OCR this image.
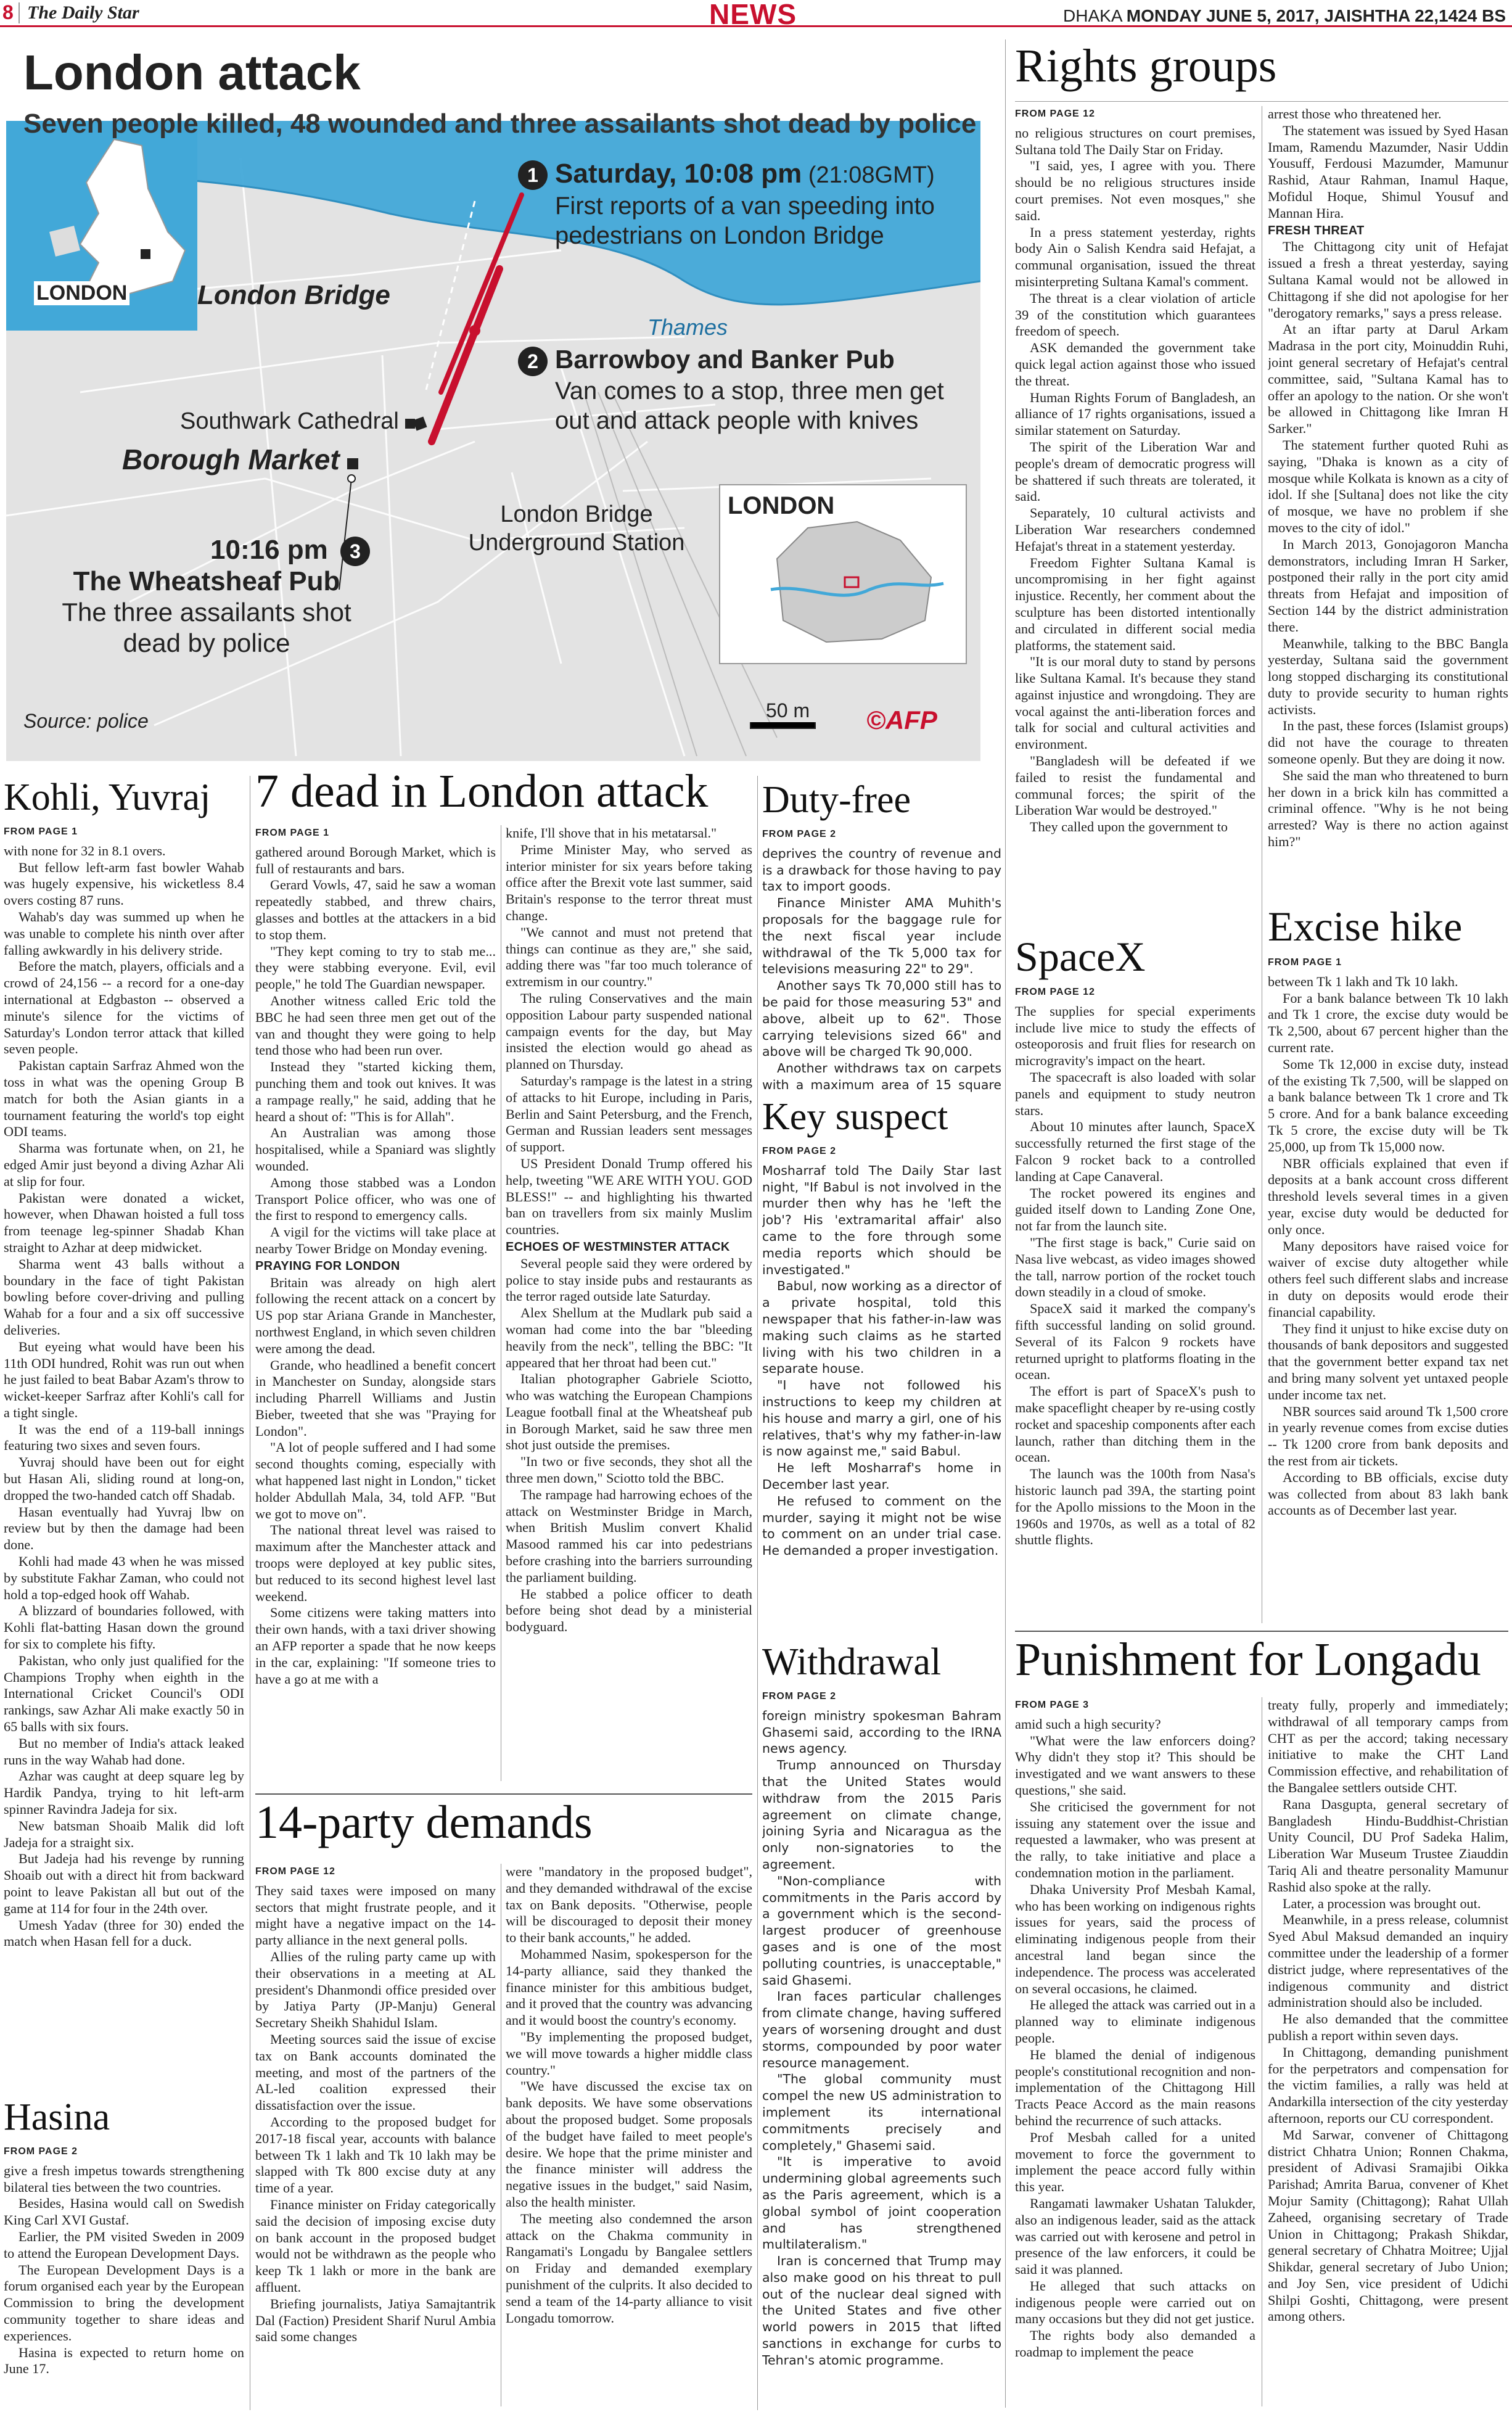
8 The Daily Star	NEWS	DHAKA MONDAY JUNE 5, 2017, JAISHTHA 22,1424 BS
London attack
Seven people killed, 48 wounded and three assailants shot dead by police
LONDON
1 Saturday, 10:08 pm (21:08GMT)
First reports of a van speeding into pedestrians on London Bridge
London Bridge
Thames
2 Barrowboy and Banker Pub
Van comes to a stop, three men get out and attack people with knives
Southwark Cathedral
Borough Market
London Bridge Underground Station
10:16 pm 3
The Wheatsheaf Pub
The three assailants shot dead by police
LONDON
Source: police	50 m ©AFP
Rights groups
FROM PAGE 12

no religious structures on court premises, Sultana told The Daily Star on Friday.

"I said, yes, I agree with you. There should be no religious structures inside court premises. Not even mosques," she said.

In a press statement yesterday, rights body Ain o Salish Kendra said Hefajat, a communal organisation, issued the threat misinterpreting Sultana Kamal's comment.

The threat is a clear violation of article 39 of the constitution which guarantees freedom of speech.

ASK demanded the government take quick legal action against those who issued the threat.

Human Rights Forum of Bangladesh, an alliance of 17 rights organisations, issued a similar statement on Saturday.

The spirit of the Liberation War and people's dream of democratic progress will be shattered if such threats are tolerated, it said.

Separately, 10 cultural activists and Liberation War researchers condemned Hefajat's threat in a statement yesterday.

Freedom Fighter Sultana Kamal is uncompromising in her fight against injustice. Recently, her comment about the sculpture has been distorted intentionally and circulated in different social media platforms, the statement said.

"It is our moral duty to stand by persons like Sultana Kamal. It's because they stand against injustice and wrongdoing. They are vocal against the anti-liberation forces and talk for social and cultural activities and environment.

"Bangladesh will be defeated if we failed to resist the fundamental and communal forces; the spirit of the Liberation War would be destroyed."

They called upon the government to

arrest those who threatened her.

The statement was issued by Syed Hasan Imam, Ramendu Mazumder, Nasir Uddin Yousuff, Ferdousi Mazumder, Mamunur Rashid, Ataur Rahman, Inamul Haque, Mofidul Hoque, Shimul Yousuf and Mannan Hira.

FRESH THREAT

The Chittagong city unit of Hefajat issued a fresh a threat yesterday, saying Sultana Kamal would not be allowed in Chittagong if she did not apologise for her "derogatory remarks," says a press release.

At an iftar party at Darul Arkam Madrasa in the port city, Moinuddin Ruhi, joint general secretary of Hefajat's central committee, said, "Sultana Kamal has to offer an apology to the nation. Or she won't be allowed in Chittagong like Imran H Sarker."

The statement further quoted Ruhi as saying, "Dhaka is known as a city of mosque while Kolkata is known as a city of idol. If she [Sultana] does not like the city of mosque, we have no problem if she moves to the city of idol."

In March 2013, Gonojagoron Mancha demonstrators, including Imran H Sarker, postponed their rally in the port city amid threats from Hefajat and imposition of Section 144 by the district administration there.

Meanwhile, talking to the BBC Bangla yesterday, Sultana said the government long stopped discharging its constitutional duty to provide security to human rights activists.

In the past, these forces (Islamist groups) did not have the courage to threaten someone openly. But they are doing it now.

She said the man who threatened to burn her down in a brick kiln has committed a criminal offence. "Why is he not being arrested? Way is there no action against him?"

Excise hike
FROM PAGE 1

between Tk 1 lakh and Tk 10 lakh.

For a bank balance between Tk 10 lakh and Tk 1 crore, the excise duty would be Tk 2,500, about 67 percent higher than the current rate.

Some Tk 12,000 in excise duty, instead of the existing Tk 7,500, will be slapped on a bank balance between Tk 1 crore and Tk 5 crore. And for a bank balance exceeding Tk 5 crore, the excise duty will be Tk 25,000, up from Tk 15,000 now.

NBR officials explained that even if deposits at a bank account cross different threshold levels several times in a given year, excise duty would be deducted for only once.

Many depositors have raised voice for waiver of excise duty altogether while others feel such different slabs and increase in duty on deposits would erode their financial capability.

They find it unjust to hike excise duty on thousands of bank depositors and suggested that the government better expand tax net and bring many solvent yet untaxed people under income tax net.

NBR sources said around Tk 1,500 crore in yearly revenue comes from excise duties -- Tk 1200 crore from bank deposits and the rest from air tickets.

According to BB officials, excise duty was collected from about 83 lakh bank accounts as of December last year.

SpaceX
FROM PAGE 12

The supplies for special experiments include live mice to study the effects of osteoporosis and fruit flies for research on microgravity's impact on the heart.

The spacecraft is also loaded with solar panels and equipment to study neutron stars.

About 10 minutes after launch, SpaceX successfully returned the first stage of the Falcon 9 rocket back to a controlled landing at Cape Canaveral.

The rocket powered its engines and guided itself down to Landing Zone One, not far from the launch site.

"The first stage is back," Curie said on Nasa live webcast, as video images showed the tall, narrow portion of the rocket touch down steadily in a cloud of smoke.

SpaceX said it marked the company's fifth successful landing on solid ground. Several of its Falcon 9 rockets have returned upright to platforms floating in the ocean.

The effort is part of SpaceX's push to make spaceflight cheaper by re-using costly rocket and spaceship components after each launch, rather than ditching them in the ocean.

The launch was the 100th from Nasa's historic launch pad 39A, the starting point for the Apollo missions to the Moon in the 1960s and 1970s, as well as a total of 82 shuttle flights.

Punishment for Longadu
FROM PAGE 3

amid such a high security?

"What were the law enforcers doing? Why didn't they stop it? This should be investigated and we want answers to these questions," she said.

She criticised the government for not issuing any statement over the issue and requested a lawmaker, who was present at the rally, to take initiative and place a condemnation motion in the parliament.

Dhaka University Prof Mesbah Kamal, who has been working on indigenous rights issues for years, said the process of eliminating indigenous people from their ancestral land began since the independence. The process was accelerated on several occasions, he claimed.

He alleged the attack was carried out in a planned way to eliminate indigenous people.

He blamed the denial of indigenous people's constitutional recognition and non-implementation of the Chittagong Hill Tracts Peace Accord as the main reasons behind the recurrence of such attacks.

Prof Mesbah called for a united movement to force the government to implement the peace accord fully within this year.

Rangamati lawmaker Ushatan Talukder, also an indigenous leader, said as the attack was carried out with kerosene and petrol in presence of the law enforcers, it could be said it was planned.

He alleged that such attacks on indigenous people were carried out on many occasions but they did not get justice.

The rights body also demanded a roadmap to implement the peace

treaty fully, properly and immediately; withdrawal of all temporary camps from CHT as per the accord; taking necessary initiative to make the CHT Land Commission effective, and rehabilitation of the Bangalee settlers outside CHT.

Rana Dasgupta, general secretary of Bangladesh Hindu-Buddhist-Christian Unity Council, DU Prof Sadeka Halim, Liberation War Museum Trustee Ziauddin Tariq Ali and theatre personality Mamunur Rashid also spoke at the rally.

Later, a procession was brought out.

Meanwhile, in a press release, columnist Syed Abul Maksud demanded an inquiry committee under the leadership of a former district judge, where representatives of the indigenous community and district administration should also be included.

He also demanded that the committee publish a report within seven days.

In Chittagong, demanding punishment for the perpetrators and compensation for the victim families, a rally was held at Andarkilla intersection of the city yesterday afternoon, reports our CU correspondent.

Md Sarwar, convener of Chittagong district Chhatra Union; Ronnen Chakma, president of Adivasi Sramajibi Oikka Parishad; Amrita Barua, convener of Khet Mojur Samity (Chittagong); Rahat Ullah Zaheed, organising secretary of Trade Union in Chittagong; Prakash Shikdar, general secretary of Chhatra Moitree; Ujjal Shikdar, general secretary of Jubo Union; and Joy Sen, vice president of Udichi Shilpi Goshti, Chittagong, were present among others.

Kohli, Yuvraj
FROM PAGE 1

with none for 32 in 8.1 overs.

But fellow left-arm fast bowler Wahab was hugely expensive, his wicketless 8.4 overs costing 87 runs.

Wahab's day was summed up when he was unable to complete his ninth over after falling awkwardly in his delivery stride.

Before the match, players, officials and a crowd of 24,156 -- a record for a one-day international at Edgbaston -- observed a minute's silence for the victims of Saturday's London terror attack that killed seven people.

Pakistan captain Sarfraz Ahmed won the toss in what was the opening Group B match for both the Asian giants in a tournament featuring the world's top eight ODI teams.

Sharma was fortunate when, on 21, he edged Amir just beyond a diving Azhar Ali at slip for four.

Pakistan were donated a wicket, however, when Dhawan hoisted a full toss from teenage leg-spinner Shadab Khan straight to Azhar at deep midwicket.

Sharma went 43 balls without a boundary in the face of tight Pakistan bowling before cover-driving and pulling Wahab for a four and a six off successive deliveries.

But eyeing what would have been his 11th ODI hundred, Rohit was run out when he just failed to beat Babar Azam's throw to wicket-keeper Sarfraz after Kohli's call for a tight single.

It was the end of a 119-ball innings featuring two sixes and seven fours.

Yuvraj should have been out for eight but Hasan Ali, sliding round at long-on, dropped the two-handed catch off Shadab.

Hasan eventually had Yuvraj lbw on review but by then the damage had been done.

Kohli had made 43 when he was missed by substitute Fakhar Zaman, who could not hold a top-edged hook off Wahab.

A blizzard of boundaries followed, with Kohli flat-batting Hasan down the ground for six to complete his fifty.

Pakistan, who only just qualified for the Champions Trophy when eighth in the International Cricket Council's ODI rankings, saw Azhar Ali make exactly 50 in 65 balls with six fours.

But no member of India's attack leaked runs in the way Wahab had done.

Azhar was caught at deep square leg by Hardik Pandya, trying to hit left-arm spinner Ravindra Jadeja for six.

New batsman Shoaib Malik did loft Jadeja for a straight six.

But Jadeja had his revenge by running Shoaib out with a direct hit from backward point to leave Pakistan all but out of the game at 114 for four in the 24th over.

Umesh Yadav (three for 30) ended the match when Hasan fell for a duck.

Hasina
FROM PAGE 2

give a fresh impetus towards strengthening bilateral ties between the two countries.

Besides, Hasina would call on Swedish King Carl XVI Gustaf.

Earlier, the PM visited Sweden in 2009 to attend the European Development Days.

The European Development Days is a forum organised each year by the European Commission to bring the development community together to share ideas and experiences.

Hasina is expected to return home on June 17.

7 dead in London attack
FROM PAGE 1

gathered around Borough Market, which is full of restaurants and bars.

Gerard Vowls, 47, said he saw a woman repeatedly stabbed, and threw chairs, glasses and bottles at the attackers in a bid to stop them.

"They kept coming to try to stab me... they were stabbing everyone. Evil, evil people," he told The Guardian newspaper.

Another witness called Eric told the BBC he had seen three men get out of the van and thought they were going to help tend those who had been run over.

Instead they "started kicking them, punching them and took out knives. It was a rampage really," he said, adding that he heard a shout of: "This is for Allah".

An Australian was among those hospitalised, while a Spaniard was slightly wounded.

Among those stabbed was a London Transport Police officer, who was one of the first to respond to emergency calls.

A vigil for the victims will take place at nearby Tower Bridge on Monday evening.

PRAYING FOR LONDON

Britain was already on high alert following the recent attack on a concert by US pop star Ariana Grande in Manchester, northwest England, in which seven children were among the dead.

Grande, who headlined a benefit concert in Manchester on Sunday, alongside stars including Pharrell Williams and Justin Bieber, tweeted that she was "Praying for London".

"A lot of people suffered and I had some second thoughts coming, especially with what happened last night in London," ticket holder Abdullah Mala, 34, told AFP. "But we got to move on".

The national threat level was raised to maximum after the Manchester attack and troops were deployed at key public sites, but reduced to its second highest level last weekend.

Some citizens were taking matters into their own hands, with a taxi driver showing an AFP reporter a spade that he now keeps in the car, explaining: "If someone tries to have a go at me with a

knife, I'll shove that in his metatarsal."

Prime Minister May, who served as interior minister for six years before taking office after the Brexit vote last summer, said Britain's response to the terror threat must change.

"We cannot and must not pretend that things can continue as they are," she said, adding there was "far too much tolerance of extremism in our country."

The ruling Conservatives and the main opposition Labour party suspended national campaign events for the day, but May insisted the election would go ahead as planned on Thursday.

Saturday's rampage is the latest in a string of attacks to hit Europe, including in Paris, Berlin and Saint Petersburg, and the French, German and Russian leaders sent messages of support.

US President Donald Trump offered his help, tweeting "WE ARE WITH YOU. GOD BLESS!" -- and highlighting his thwarted ban on travellers from six mainly Muslim countries.

ECHOES OF WESTMINSTER ATTACK

Several people said they were ordered by police to stay inside pubs and restaurants as the terror raged outside late Saturday.

Alex Shellum at the Mudlark pub said a woman had come into the bar "bleeding heavily from the neck", telling the BBC: "It appeared that her throat had been cut."

Italian photographer Gabriele Sciotto, who was watching the European Champions League football final at the Wheatsheaf pub in Borough Market, said he saw three men shot just outside the premises.

"In two or five seconds, they shot all the three men down," Sciotto told the BBC.

The rampage had harrowing echoes of the attack on Westminster Bridge in March, when British Muslim convert Khalid Masood rammed his car into pedestrians before crashing into the barriers surrounding the parliament building.

He stabbed a police officer to death before being shot dead by a ministerial bodyguard.

14-party demands
FROM PAGE 12

They said taxes were imposed on many sectors that might frustrate people, and it might have a negative impact on the 14-party alliance in the next general polls.

Allies of the ruling party came up with their observations in a meeting at AL president's Dhanmondi office presided over by Jatiya Party (JP-Manju) General Secretary Sheikh Shahidul Islam.

Meeting sources said the issue of excise tax on Bank accounts dominated the meeting, and most of the partners of the AL-led coalition expressed their dissatisfaction over the issue.

According to the proposed budget for 2017-18 fiscal year, accounts with balance between Tk 1 lakh and Tk 10 lakh may be slapped with Tk 800 excise duty at any time of a year.

Finance minister on Friday categorically said the decision of imposing excise duty on bank account in the proposed budget would not be withdrawn as the people who keep Tk 1 lakh or more in the bank are affluent.

Briefing journalists, Jatiya Samajtantrik Dal (Faction) President Sharif Nurul Ambia said some changes

were "mandatory in the proposed budget", and they demanded withdrawal of the excise tax on Bank deposits. "Otherwise, people will be discouraged to deposit their money to their bank accounts," he added.

Mohammed Nasim, spokesperson for the 14-party alliance, said they thanked the finance minister for this ambitious budget, and it proved that the country was advancing and it would boost the country's economy.

"By implementing the proposed budget, we will move towards a higher middle class country."

"We have discussed the excise tax on bank deposits. We have some observations about the proposed budget. Some proposals of the budget have failed to meet people's desire. We hope that the prime minister and the finance minister will address the negative issues in the budget," said Nasim, also the health minister.

The meeting also condemned the arson attack on the Chakma community in Rangamati's Longadu by Bangalee settlers on Friday and demanded exemplary punishment of the culprits. It also decided to send a team of the 14-party alliance to visit Longadu tomorrow.

Duty-free
FROM PAGE 2

deprives the country of revenue and is a drawback for those having to pay tax to import goods.

Finance Minister AMA Muhith's proposals for the baggage rule for the next fiscal year include withdrawal of the Tk 5,000 tax for televisions measuring 22" to 29".

Another says Tk 70,000 still has to be paid for those measuring 53" and above, albeit up to 62". Those carrying televisions sized 66" and above will be charged Tk 90,000.

Another withdraws tax on carpets with a maximum area of 15 square

Key suspect
FROM PAGE 2

Mosharraf told The Daily Star last night, "If Babul is not involved in the murder then why has he 'left the job'? His 'extramarital affair' also came to the fore through some media reports which should be investigated."

Babul, now working as a director of a private hospital, told this newspaper that his father-in-law was making such claims as he started living with his two children in a separate house.

"I have not followed his instructions to keep my children at his house and marry a girl, one of his relatives, that's why my father-in-law is now against me," said Babul.

He left Mosharraf's home in December last year.

He refused to comment on the murder, saying it might not be wise to comment on an under trial case. He demanded a proper investigation.

Withdrawal
FROM PAGE 2

foreign ministry spokesman Bahram Ghasemi said, according to the IRNA news agency.

Trump announced on Thursday that the United States would withdraw from the 2015 Paris agreement on climate change, joining Syria and Nicaragua as the only non-signatories to the agreement.

"Non-compliance with commitments in the Paris accord by a government which is the second-largest producer of greenhouse gases and is one of the most polluting countries, is unacceptable," said Ghasemi.

Iran faces particular challenges from climate change, having suffered years of worsening drought and dust storms, compounded by poor water resource management.

"The global community must compel the new US administration to implement its international commitments precisely and completely," Ghasemi said.

"It is imperative to avoid undermining global agreements such as the Paris agreement, which is a global symbol of joint cooperation and has strengthened multilateralism."

Iran is concerned that Trump may also make good on his threat to pull out of the nuclear deal signed with the United States and five other world powers in 2015 that lifted sanctions in exchange for curbs to Tehran's atomic programme.
